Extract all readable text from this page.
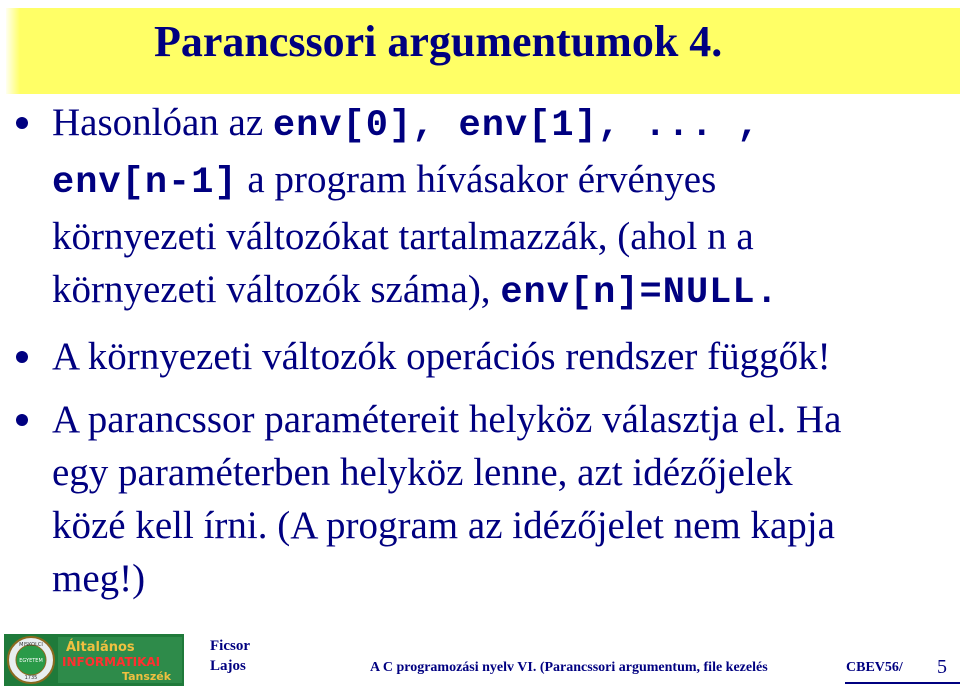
Parancssori argumentumok 4.
Hasonlóan az env[0], env[1], ... ,
env[n-1] a program hívásakor érvényes
környezeti változókat tartalmazzák, (ahol n a
környezeti változók száma), env[n]=NULL.
A környezeti változók operációs rendszer függők!
A parancssor paramétereit helyköz választja el. Ha
egy paraméterben helyköz lenne, azt idézőjelek
közé kell írni. (A program az idézőjelet nem kapja
meg!)
MISKOLCI
EGYETEM
1735
Általános
INFORMATIKAI
Tanszék
Ficsor
Lajos	A C programozási nyelv VI. (Parancssori argumentum, file kezelés	CBEV56/ 5
